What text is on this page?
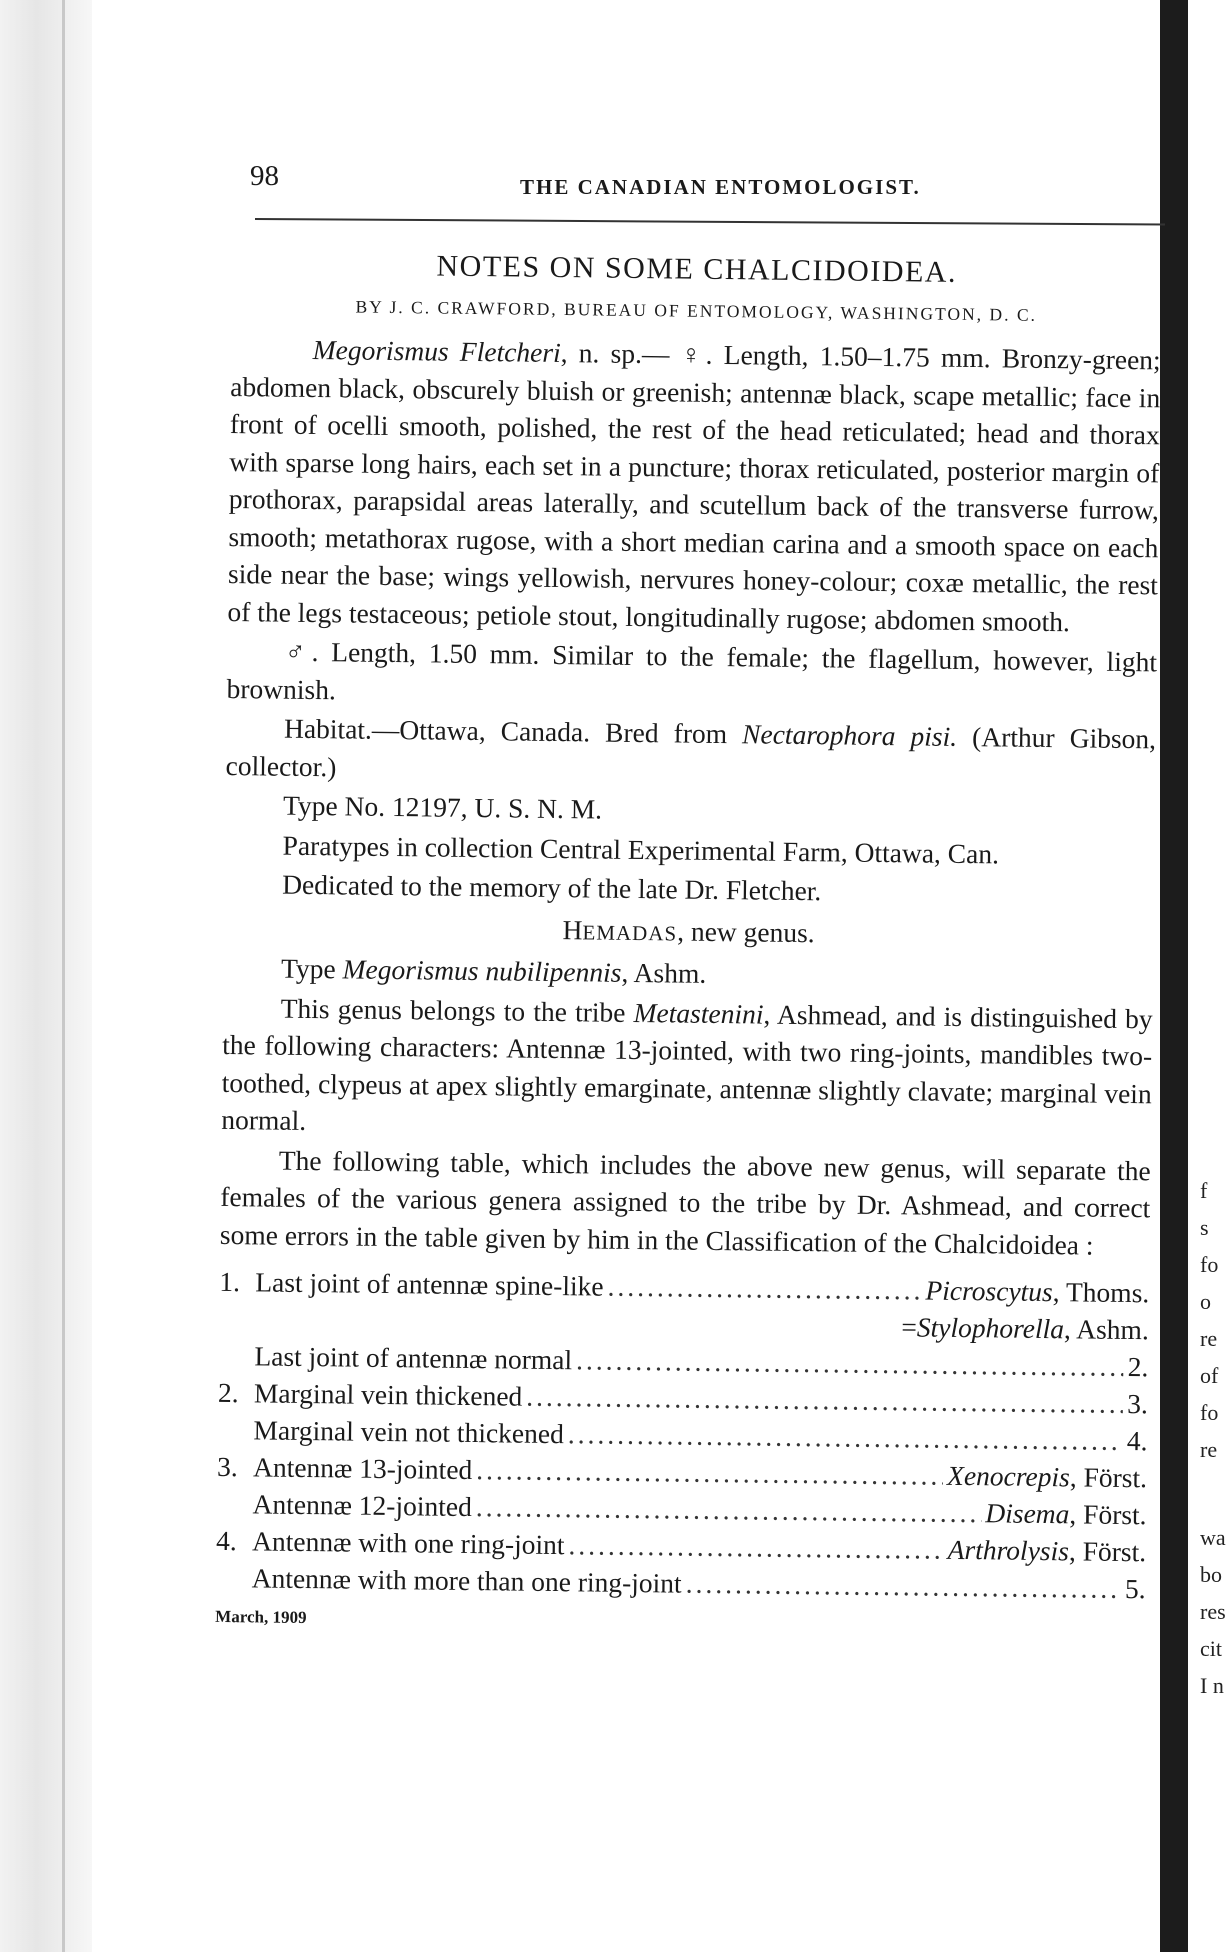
f
s
fo
o
re
of
fo
re
wa
bo
res
cit
I n
98	THE CANADIAN ENTOMOLOGIST.
NOTES ON SOME CHALCIDOIDEA.
BY J. C. CRAWFORD, BUREAU OF ENTOMOLOGY, WASHINGTON, D. C.

Megorismus Fletcheri, n. sp.— ♀. Length, 1.50–1.75 mm. Bronzy-green; abdomen black, obscurely bluish or greenish; antennæ black, scape metallic; face in front of ocelli smooth, polished, the rest of the head reticulated; head and thorax with sparse long hairs, each set in a puncture; thorax reticulated, posterior margin of prothorax, parapsidal areas laterally, and scutellum back of the transverse furrow, smooth; metathorax rugose, with a short median carina and a smooth space on each side near the base; wings yellowish, nervures honey-colour; coxæ metallic, the rest of the legs testaceous; petiole stout, longitudinally rugose; abdomen smooth.

♂. Length, 1.50 mm. Similar to the female; the flagellum, however, light brownish.

Habitat.—Ottawa, Canada. Bred from Nectarophora pisi. (Arthur Gibson, collector.)

Type No. 12197, U. S. N. M.

Paratypes in collection Central Experimental Farm, Ottawa, Can.

Dedicated to the memory of the late Dr. Fletcher.

HEMADAS, new genus.

Type Megorismus nubilipennis, Ashm.

This genus belongs to the tribe Metastenini, Ashmead, and is distinguished by the following characters: Antennæ 13-jointed, with two ring-joints, mandibles two-toothed, clypeus at apex slightly emarginate, antennæ slightly clavate; marginal vein normal.

The following table, which includes the above new genus, will separate the females of the various genera assigned to the tribe by Dr. Ashmead, and correct some errors in the table given by him in the Classification of the Chalcidoidea :

1. Last joint of antennæ spine-like .....	Picroscytus, Thoms.
=Stylophorella, Ashm.
Last joint of antennæ normal .....	2.
2. Marginal vein thickened .....	3.
Marginal vein not thickened .....	4.
3. Antennæ 13-jointed .....	Xenocrepis, Först.
Antennæ 12-jointed .....	Disema, Först.
4. Antennæ with one ring-joint .....	Arthrolysis, Först.
Antennæ with more than one ring-joint .....	5.
March, 1909
